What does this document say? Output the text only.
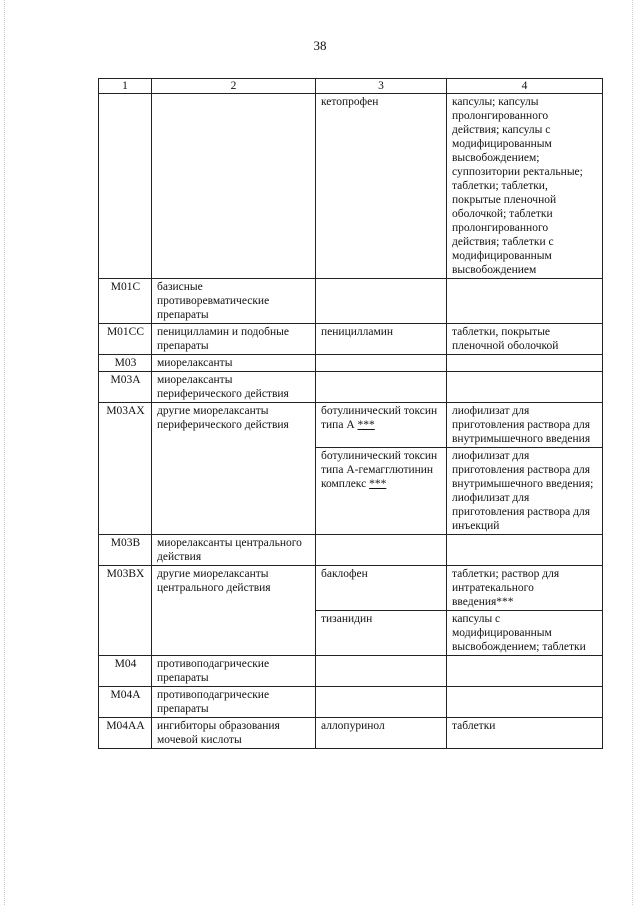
38
1	2	3	4
		кетопрофен	капсулы; капсулы пролонгированного действия; капсулы с модифицированным высвобождением; суппозитории ректальные; таблетки; таблетки, покрытые пленочной оболочкой; таблетки пролонгированного действия; таблетки с модифицированным высвобождением
M01C	базисные противоревматические препараты		
M01CC	пеницилламин и подобные препараты	пеницилламин	таблетки, покрытые пленочной оболочкой
M03	миорелаксанты		
M03A	миорелаксанты периферического действия		
M03AX	другие миорелаксанты периферического действия	ботулинический токсин типа А ***	лиофилизат для приготовления раствора для внутримышечного введения
		ботулинический токсин типа А-гемагглютинин комплекс ***	лиофилизат для приготовления раствора для внутримышечного введения; лиофилизат для приготовления раствора для инъекций
M03B	миорелаксанты центрального действия		
M03BX	другие миорелаксанты центрального действия	баклофен	таблетки; раствор для интратекального введения***
		тизанидин	капсулы с модифицированным высвобождением; таблетки
M04	противоподагрические препараты		
M04A	противоподагрические препараты		
M04AA	ингибиторы образования мочевой кислоты	аллопуринол	таблетки
